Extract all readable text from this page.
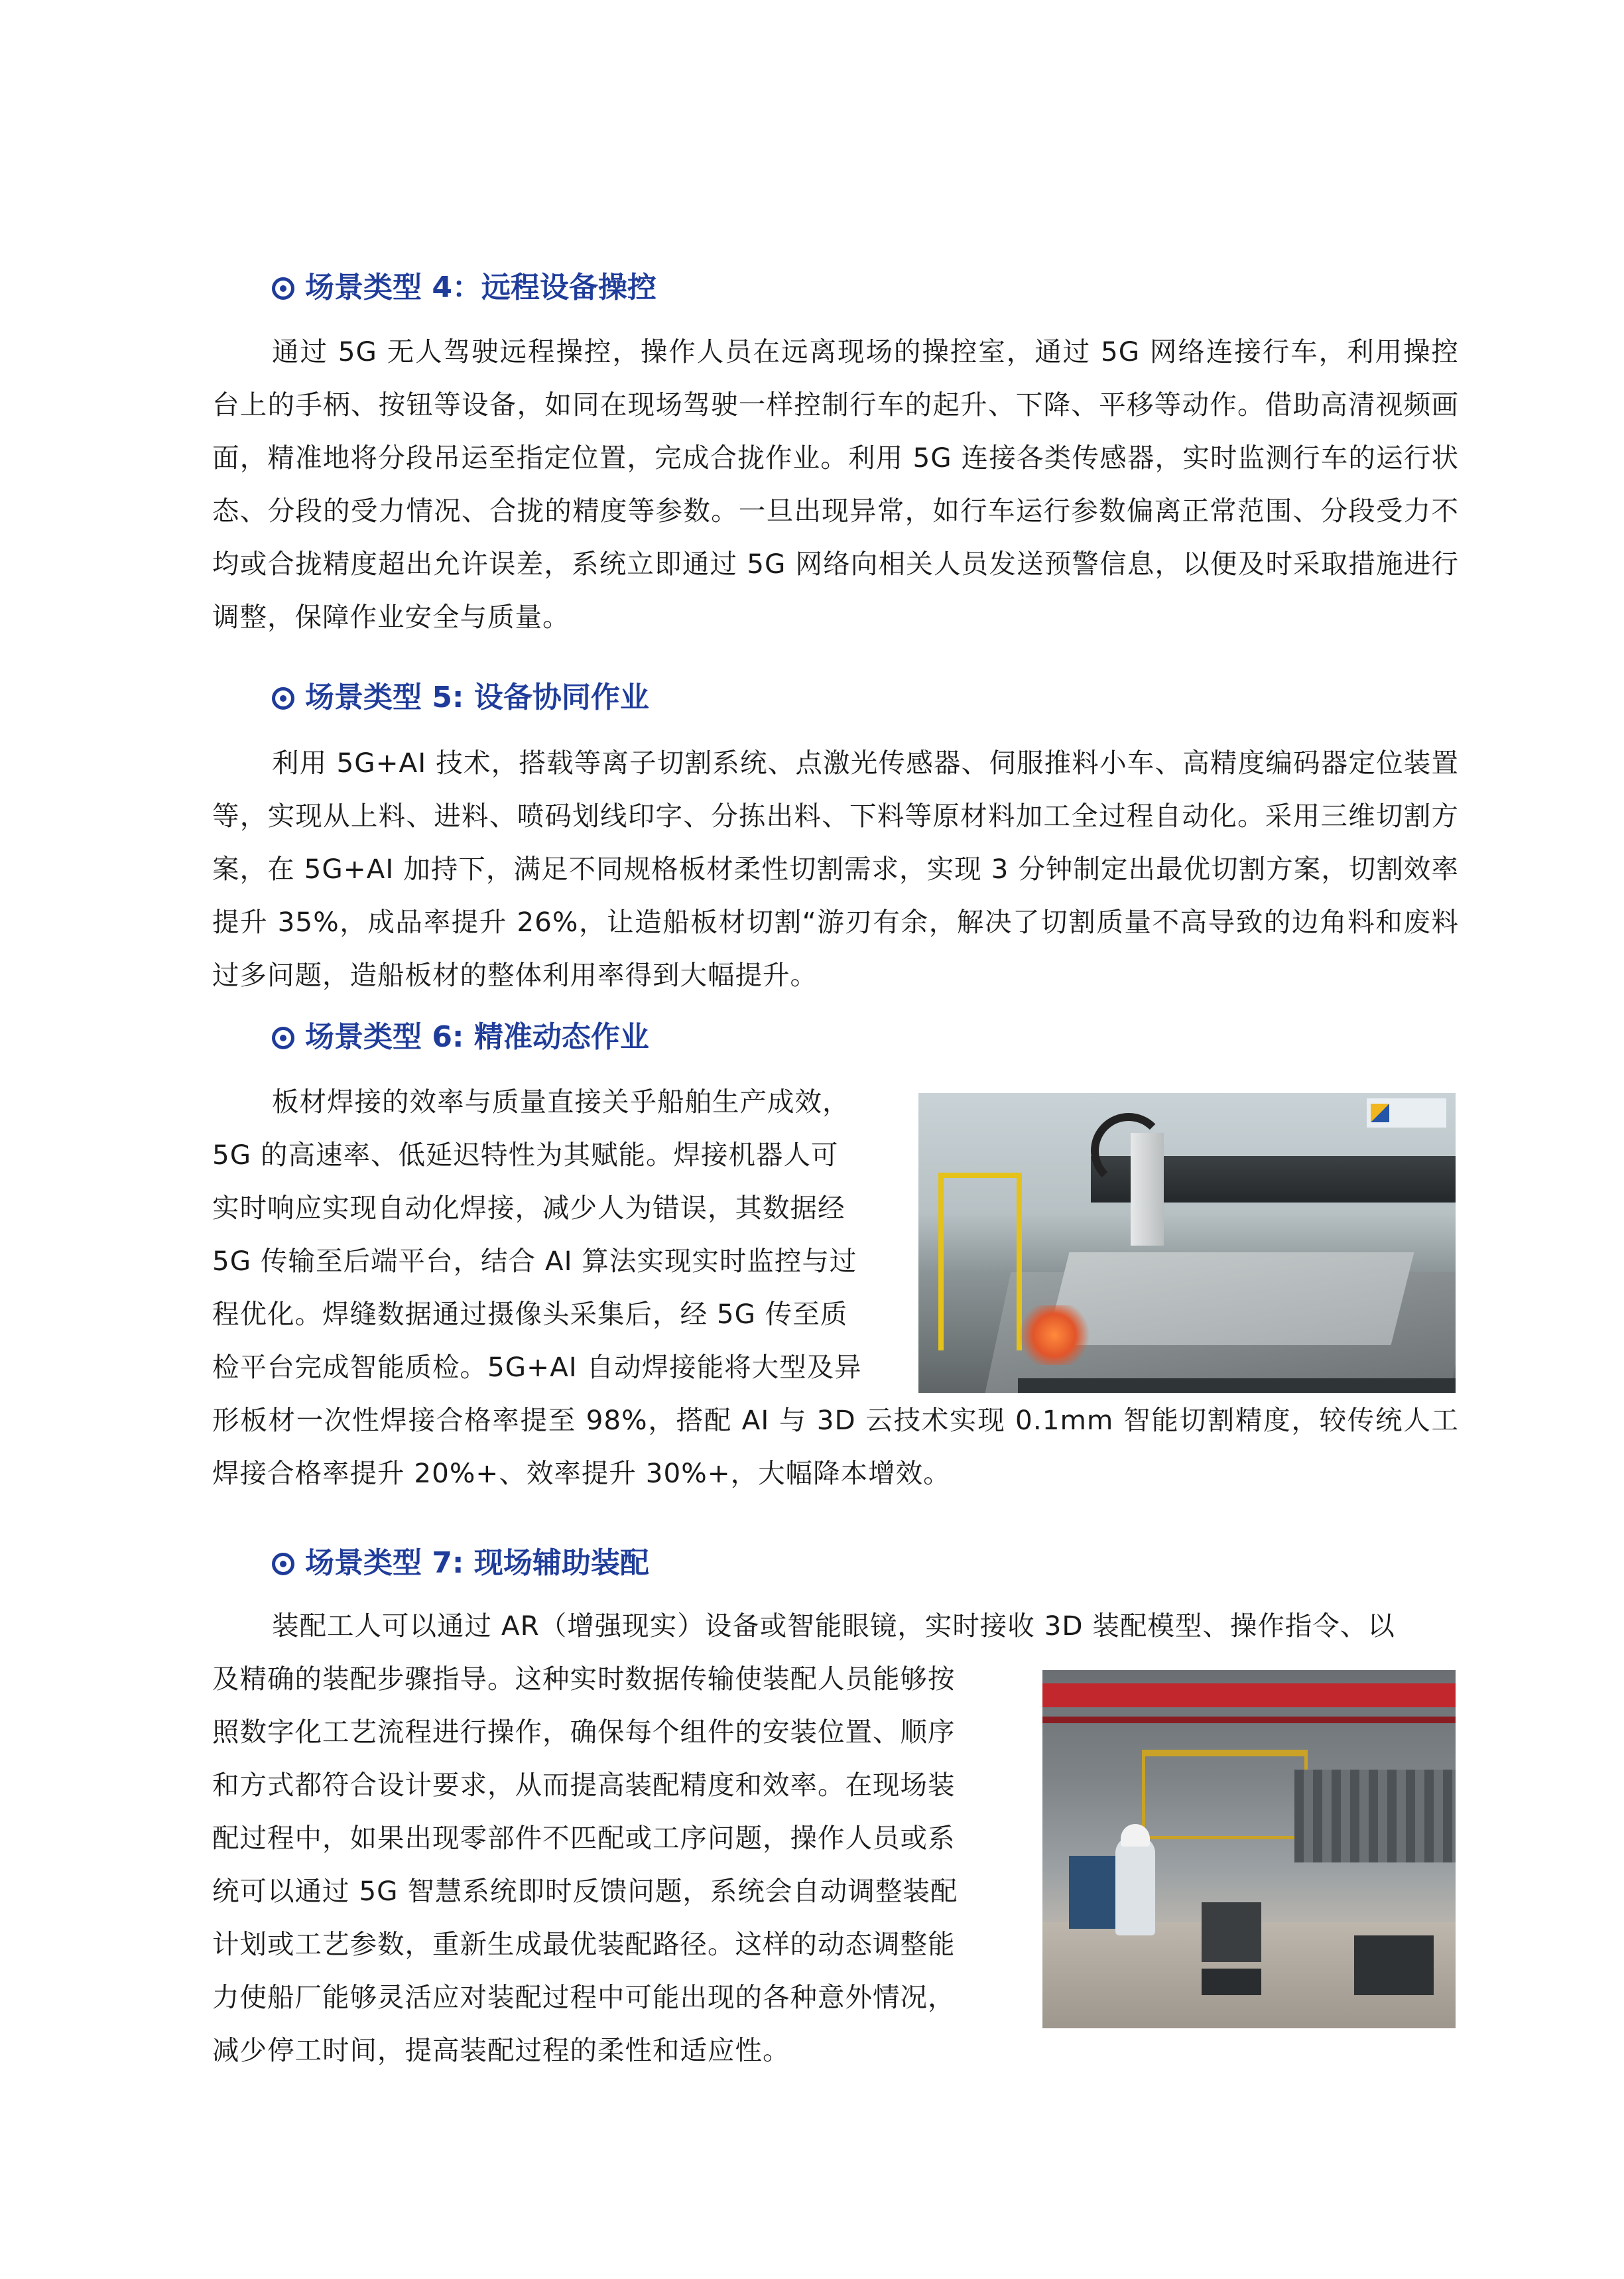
场景类型 4：远程设备操控
通过 5G 无人驾驶远程操控，操作人员在远离现场的操控室，通过 5G 网络连接行车，利用操控台上的手柄、按钮等设备，如同在现场驾驶一样控制行车的起升、下降、平移等动作。借助高清视频画面，精准地将分段吊运至指定位置，完成合拢作业。利用 5G 连接各类传感器，实时监测行车的运行状态、分段的受力情况、合拢的精度等参数。一旦出现异常，如行车运行参数偏离正常范围、分段受力不均或合拢精度超出允许误差，系统立即通过 5G 网络向相关人员发送预警信息，以便及时采取措施进行调整，保障作业安全与质量。
场景类型 5: 设备协同作业
利用 5G+AI 技术，搭载等离子切割系统、点激光传感器、伺服推料小车、高精度编码器定位装置等，实现从上料、进料、喷码划线印字、分拣出料、下料等原材料加工全过程自动化。采用三维切割方案，在 5G+AI 加持下，满足不同规格板材柔性切割需求，实现 3 分钟制定出最优切割方案，切割效率提升 35%，成品率提升 26%，让造船板材切割“游刃有余，解决了切割质量不高导致的边角料和废料过多问题，造船板材的整体利用率得到大幅提升。
场景类型 6: 精准动态作业
板材焊接的效率与质量直接关乎船舶生产成效，
5G 的高速率、低延迟特性为其赋能。焊接机器人可
实时响应实现自动化焊接，减少人为错误，其数据经
5G 传输至后端平台，结合 AI 算法实现实时监控与过
程优化。焊缝数据通过摄像头采集后，经 5G 传至质
检平台完成智能质检。5G+AI 自动焊接能将大型及异
形板材一次性焊接合格率提至 98%，搭配 AI 与 3D 云技术实现 0.1mm 智能切割精度，较传统人工焊接合格率提升 20%+、效率提升 30%+，大幅降本增效。
场景类型 7: 现场辅助装配
装配工人可以通过 AR（增强现实）设备或智能眼镜，实时接收 3D 装配模型、操作指令、以
及精确的装配步骤指导。这种实时数据传输使装配人员能够按
照数字化工艺流程进行操作，确保每个组件的安装位置、顺序
和方式都符合设计要求，从而提高装配精度和效率。在现场装
配过程中，如果出现零部件不匹配或工序问题，操作人员或系
统可以通过 5G 智慧系统即时反馈问题，系统会自动调整装配
计划或工艺参数，重新生成最优装配路径。这样的动态调整能
力使船厂能够灵活应对装配过程中可能出现的各种意外情况，
减少停工时间，提高装配过程的柔性和适应性。
